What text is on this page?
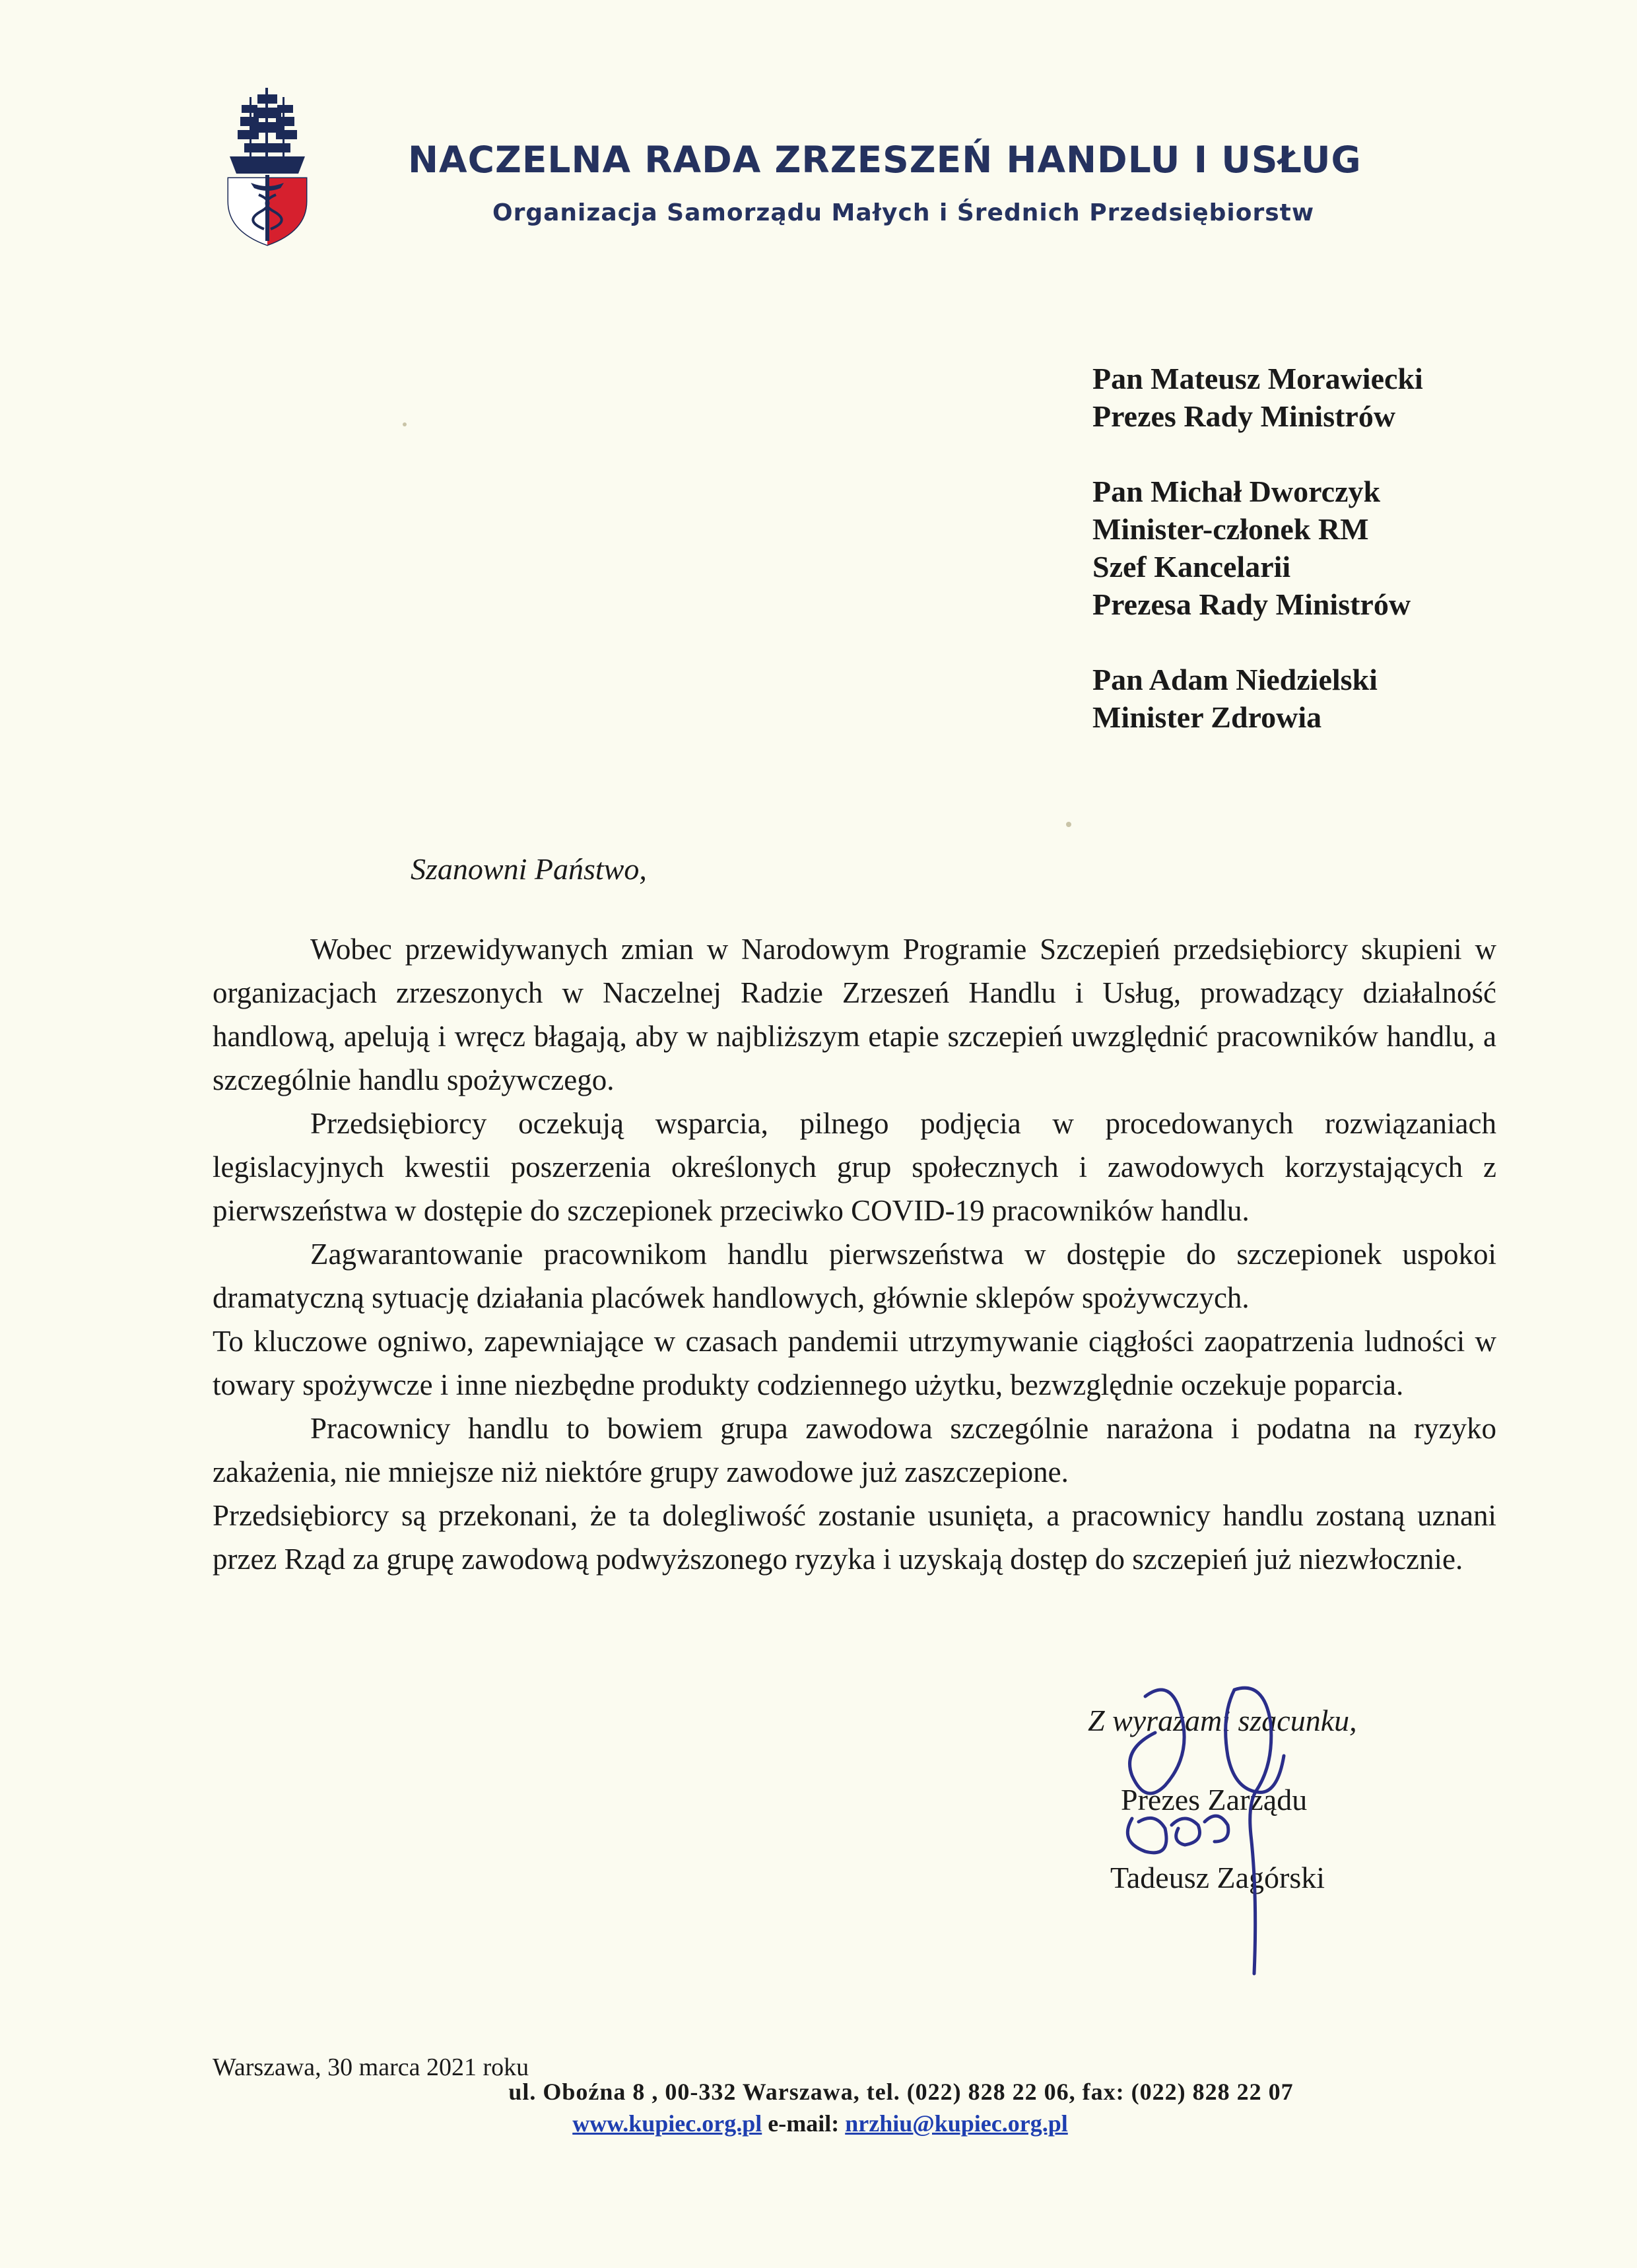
NACZELNA RADA ZRZESZEŃ HANDLU I USŁUG
Organizacja Samorządu Małych i Średnich Przedsiębiorstw
Pan Mateusz Morawiecki
Prezes Rady Ministrów
Pan Michał Dworczyk
Minister-członek RM
Szef Kancelarii
Prezesa Rady Ministrów
Pan Adam Niedzielski
Minister Zdrowia
Szanowni Państwo,

Wobec przewidywanych zmian w Narodowym Programie Szczepień przedsiębiorcy skupieni w organizacjach zrzeszonych w Naczelnej Radzie Zrzeszeń Handlu i Usług, prowadzący działalność handlową, apelują i wręcz błagają, aby w najbliższym etapie szczepień uwzględnić pracowników handlu, a szczególnie handlu spożywczego.

Przedsiębiorcy oczekują wsparcia, pilnego podjęcia w procedowanych rozwiązaniach legislacyjnych kwestii poszerzenia określonych grup społecznych i zawodowych korzystających z pierwszeństwa w dostępie do szczepionek przeciwko COVID-19 pracowników handlu.

Zagwarantowanie pracownikom handlu pierwszeństwa w dostępie do szczepionek uspokoi dramatyczną sytuację działania placówek handlowych, głównie sklepów spożywczych.

To kluczowe ogniwo, zapewniające w czasach pandemii utrzymywanie ciągłości zaopatrzenia ludności w towary spożywcze i inne niezbędne produkty codziennego użytku, bezwzględnie oczekuje poparcia.

Pracownicy handlu to bowiem grupa zawodowa szczególnie narażona i podatna na ryzyko zakażenia, nie mniejsze niż niektóre grupy zawodowe już zaszczepione.

Przedsiębiorcy są przekonani, że ta dolegliwość zostanie usunięta, a pracownicy handlu zostaną uznani przez Rząd za grupę zawodową podwyższonego ryzyka i uzyskają dostęp do szczepień już niezwłocznie.

Z wyrazami szacunku,
Prezes Zarządu
Tadeusz Zagórski
Warszawa, 30 marca 2021 roku
ul. Oboźna 8 , 00-332 Warszawa, tel. (022) 828 22 06, fax: (022) 828 22 07
www.kupiec.org.pl e-mail: nrzhiu@kupiec.org.pl
